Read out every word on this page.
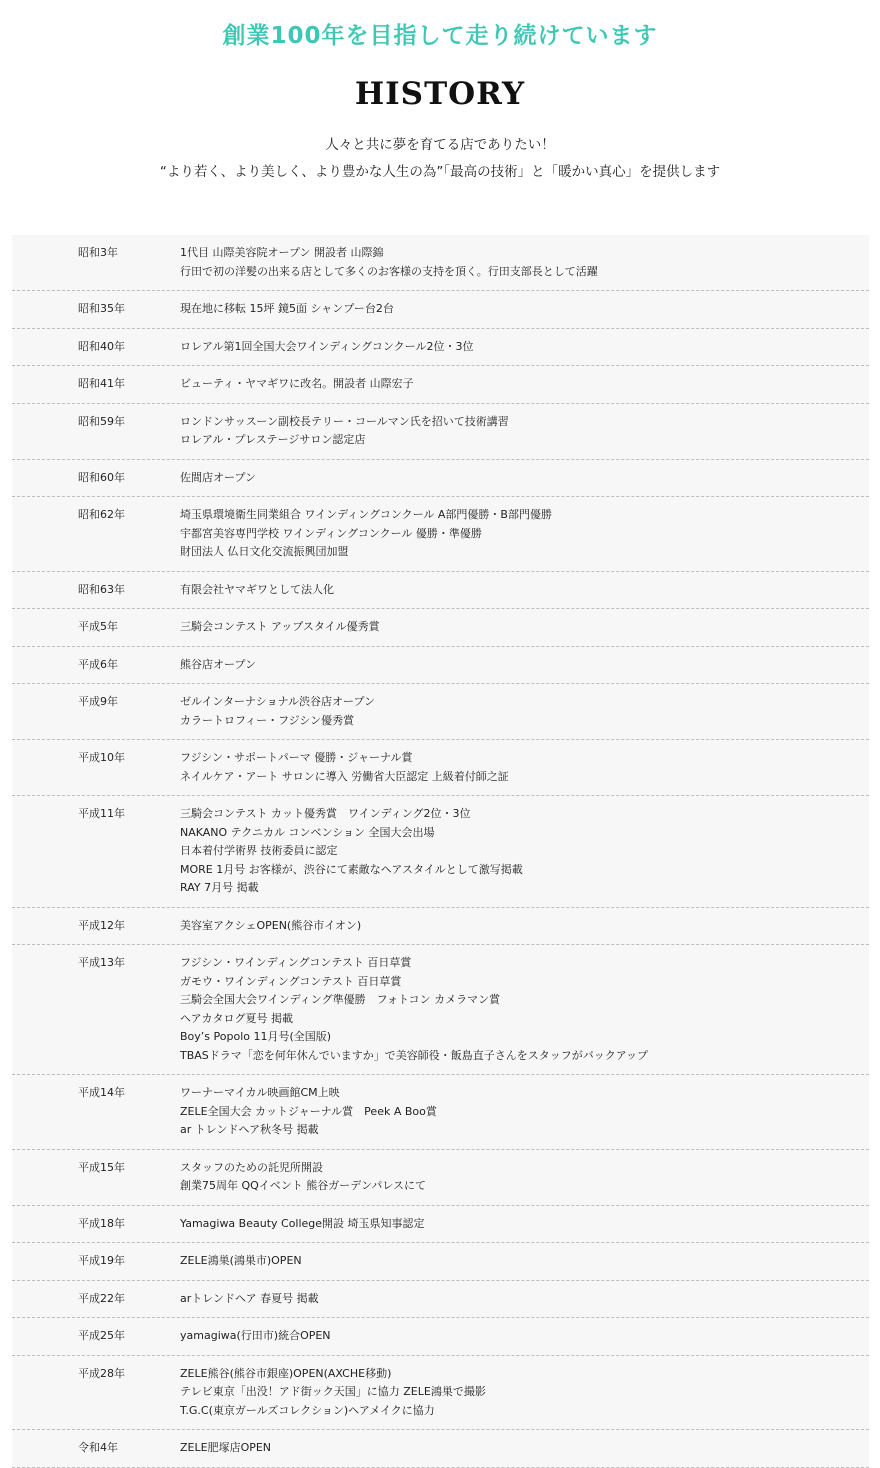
創業100年を目指して走り続けています

HISTORY

人々と共に夢を育てる店でありたい！
“より若く、より美しく、より豊かな人生の為”「最高の技術」と「暖かい真心」を提供します

昭和3年	1代目 山際美容院オープン 開設者 山際錦
行田で初の洋髪の出来る店として多くのお客様の支持を頂く。行田支部長として活躍
昭和35年	現在地に移転 15坪 鏡5面 シャンプー台2台
昭和40年	ロレアル第1回全国大会ワインディングコンクール2位・3位
昭和41年	ビューティ・ヤマギワに改名。開設者 山際宏子
昭和59年	ロンドンサッスーン副校長テリー・コールマン氏を招いて技術講習
ロレアル・プレステージサロン認定店
昭和60年	佐間店オープン
昭和62年	埼玉県環境衛生同業組合 ワインディングコンクール A部門優勝・B部門優勝
宇都宮美容専門学校 ワインディングコンクール 優勝・準優勝
財団法人 仏日文化交流振興団加盟
昭和63年	有限会社ヤマギワとして法人化
平成5年	三騎会コンテスト アップスタイル優秀賞
平成6年	熊谷店オープン
平成9年	ゼルインターナショナル渋谷店オープン
カラートロフィー・フジシン優秀賞
平成10年	フジシン・サポートパーマ 優勝・ジャーナル賞
ネイルケア・アート サロンに導入 労働省大臣認定 上級着付師之証
平成11年	三騎会コンテスト カット優秀賞　ワインディング2位・3位
NAKANO テクニカル コンベンション 全国大会出場
日本着付学術界 技術委員に認定
MORE 1月号 お客様が、渋谷にて素敵なヘアスタイルとして激写掲載
RAY 7月号 掲載
平成12年	美容室アクシェOPEN(熊谷市イオン)
平成13年	フジシン・ワインディングコンテスト 百日草賞
ガモウ・ワインディングコンテスト 百日草賞
三騎会全国大会ワインディング準優勝　フォトコン カメラマン賞
ヘアカタログ夏号 掲載
Boy’s Popolo 11月号(全国版)
TBASドラマ「恋を何年休んでいますか」で美容師役・飯島直子さんをスタッフがバックアップ
平成14年	ワーナーマイカル映画館CM上映
ZELE全国大会 カットジャーナル賞　Peek A Boo賞
ar トレンドヘア秋冬号 掲載
平成15年	スタッフのための託児所開設
創業75周年 QQイベント 熊谷ガーデンパレスにて
平成18年	Yamagiwa Beauty College開設 埼玉県知事認定
平成19年	ZELE鴻巣(鴻巣市)OPEN
平成22年	arトレンドヘア 春夏号 掲載
平成25年	yamagiwa(行田市)統合OPEN
平成28年	ZELE熊谷(熊谷市銀座)OPEN(AXCHE移動)
テレビ東京「出没！アド街ック天国」に協力 ZELE鴻巣で撮影
T.G.C(東京ガールズコレクション)ヘアメイクに協力
令和4年	ZELE肥塚店OPEN
